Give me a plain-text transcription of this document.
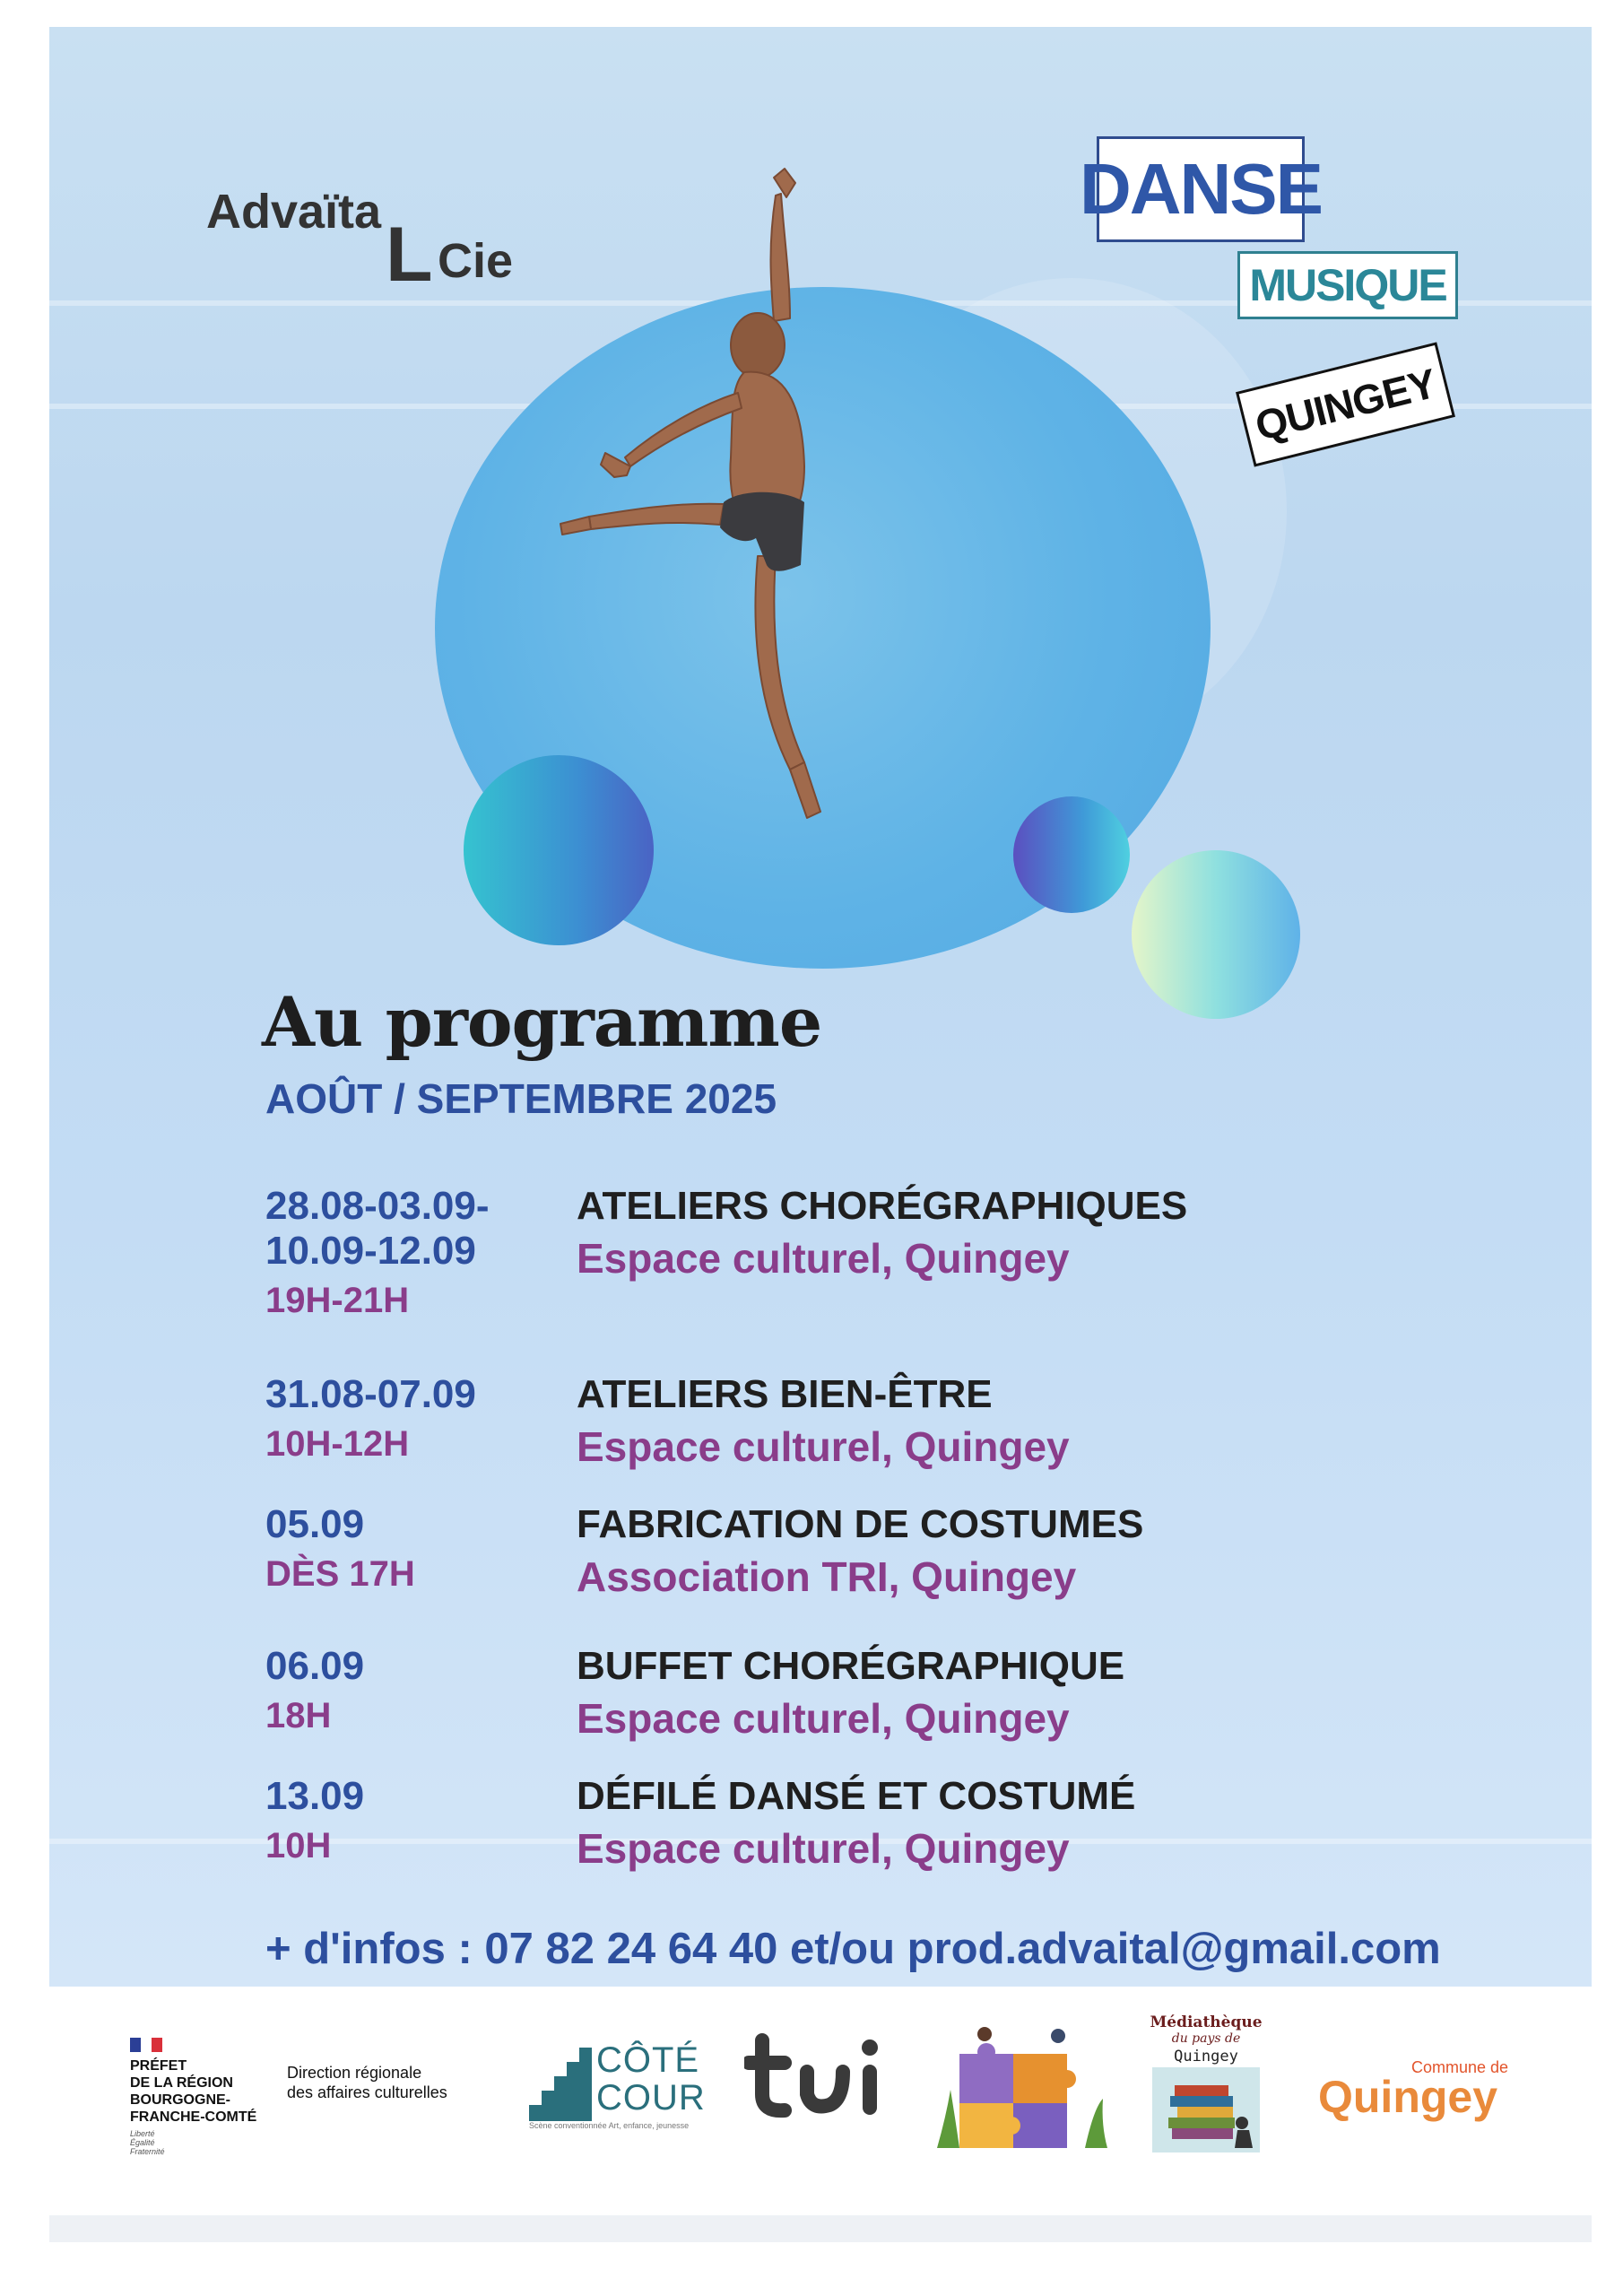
Advaïta L Cie
DANSE
MUSIQUE
QUINGEY
Au programme
AOÛT / SEPTEMBRE 2025
28.08-03.09-
10.09-12.09
19H-21H
ATELIERS CHORÉGRAPHIQUES
Espace culturel, Quingey
31.08-07.09
10H-12H
ATELIERS BIEN-ÊTRE
Espace culturel, Quingey
05.09
DÈS 17H
FABRICATION DE COSTUMES
Association TRI, Quingey
06.09
18H
BUFFET CHORÉGRAPHIQUE
Espace culturel, Quingey
13.09
10H
DÉFILÉ DANSÉ ET COSTUMÉ
Espace culturel, Quingey
+ d'infos : 07 82 24 64 40 et/ou prod.advaital@gmail.com
PRÉFET
DE LA RÉGION
BOURGOGNE-
FRANCHE-COMTÉ
Liberté
Égalité
Fraternité
Direction régionale
des affaires culturelles
CÔTÉ
COUR
Scène conventionnée Art, enfance, jeunesse
Médiathèque
du pays de
Quingey
Commune de
Quingey
